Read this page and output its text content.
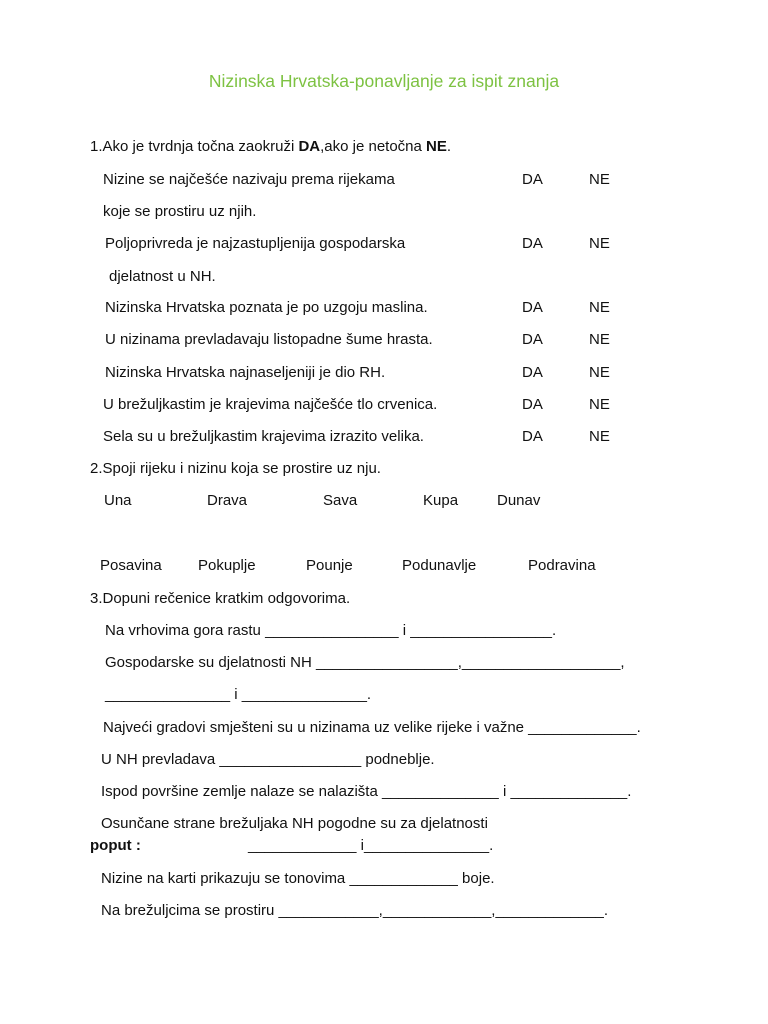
Nizinska Hrvatska-ponavljanje za ispit znanja
1.Ako je tvrdnja točna zaokruži DA,ako je netočna NE.
Nizine se najčešće nazivaju prema rijekama	DA	NE
koje se prostiru uz njih.
Poljoprivreda je najzastupljenija gospodarska	DA	NE
djelatnost u NH.
Nizinska Hrvatska poznata je po uzgoju maslina.	DA	NE
U nizinama prevladavaju listopadne šume hrasta.	DA	NE
Nizinska Hrvatska najnaseljeniji je dio RH.	DA	NE
U brežuljkastim je krajevima najčešće tlo crvenica.	DA	NE
Sela su u brežuljkastim krajevima izrazito velika.	DA	NE
2.Spoji rijeku i nizinu koja se prostire uz nju.
Una	Drava	Sava	Kupa	Dunav
Posavina Pokuplje	Pounje	Podunavlje	Podravina
3.Dopuni rečenice kratkim odgovorima.
Na vrhovima gora rastu ________________ i _________________.
Gospodarske su djelatnosti NH _________________,___________________,
_______________ i _______________.
Najveći gradovi smješteni su u nizinama uz velike rijeke i važne _____________.
U NH prevladava _________________ podneblje.
Ispod površine zemlje nalaze se nalazišta ______________ i ______________.
Osunčane strane brežuljaka NH pogodne su za djelatnosti
poput :	_____________ i_______________.
Nizine na karti prikazuju se tonovima _____________ boje.
Na brežuljcima se prostiru ____________,_____________,_____________.
